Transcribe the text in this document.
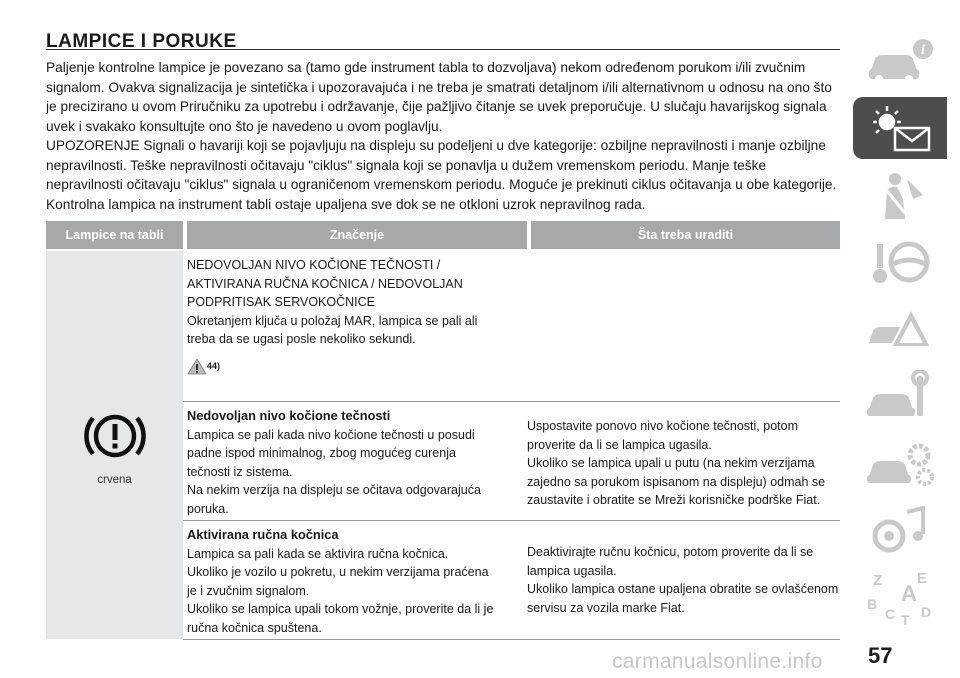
LAMPICE I PORUKE

Paljenje kontrolne lampice je povezano sa (tamo gde instrument tabla to dozvoljava) nekom određenom porukom i/ili zvučnim signalom. Ovakva signalizacija je sintetička i upozoravajuća i ne treba je smatrati detaljnom i/ili alternativnom u odnosu na ono što je precizirano u ovom Priručniku za upotrebu i održavanje, čije pažljivo čitanje se uvek preporučuje. U slučaju havarijskog signala uvek i svakako konsultujte ono što je navedeno u ovom poglavlju.

UPOZORENJE Signali o havariji koji se pojavljuju na displeju su podeljeni u dve kategorije: ozbiljne nepravilnosti i manje ozbiljne nepravilnosti. Teške nepravilnosti očitavaju "ciklus" signala koji se ponavlja u dužem vremenskom periodu. Manje teške nepravilnosti očitavaju "ciklus" signala u ograničenom vremenskom periodu. Moguće je prekinuti ciklus očitavanja u obe kategorije. Kontrolna lampica na instrument tabli ostaje upaljena sve dok se ne otkloni uzrok nepravilnog rada.

Lampice na tabli	Značenje	Šta treba uraditi
crvena

NEDOVOLJAN NIVO KOČIONE TEČNOSTI /

AKTIVIRANA RUČNA KOČNICA / NEDOVOLJAN

PODPRITISAK SERVOKOČNICE

Okretanjem ključa u položaj MAR, lampica se pali ali

treba da se ugasi posle nekoliko sekundi.

44)

Nedovoljan nivo kočione tečnosti

Lampica se pali kada nivo kočione tečnosti u posudi

padne ispod minimalnog, zbog mogućeg curenja

tečnosti iz sistema.

Na nekim verzija na displeju se očitava odgovarajuća

poruka.

Uspostavite ponovo nivo kočione tečnosti, potom

proverite da li se lampica ugasila.

Ukoliko se lampica upali u putu (na nekim verzijama

zajedno sa porukom ispisanom na displeju) odmah se

zaustavite i obratite se Mreži korisničke podrške Fiat.

Aktivirana ručna kočnica

Lampica sa pali kada se aktivira ručna kočnica.

Ukoliko je vozilo u pokretu, u nekim verzijama praćena

je i zvučnim signalom.

Ukoliko se lampica upali tokom vožnje, proverite da li je

ručna kočnica spuštena.

Deaktivirajte ručnu kočnicu, potom proverite da li se

lampica ugasila.

Ukoliko lampica ostane upaljena obratite se ovlašćenom

servisu za vozila marke Fiat.

i
Z E
A
B
C D
T
carmanualsonline.info 57
